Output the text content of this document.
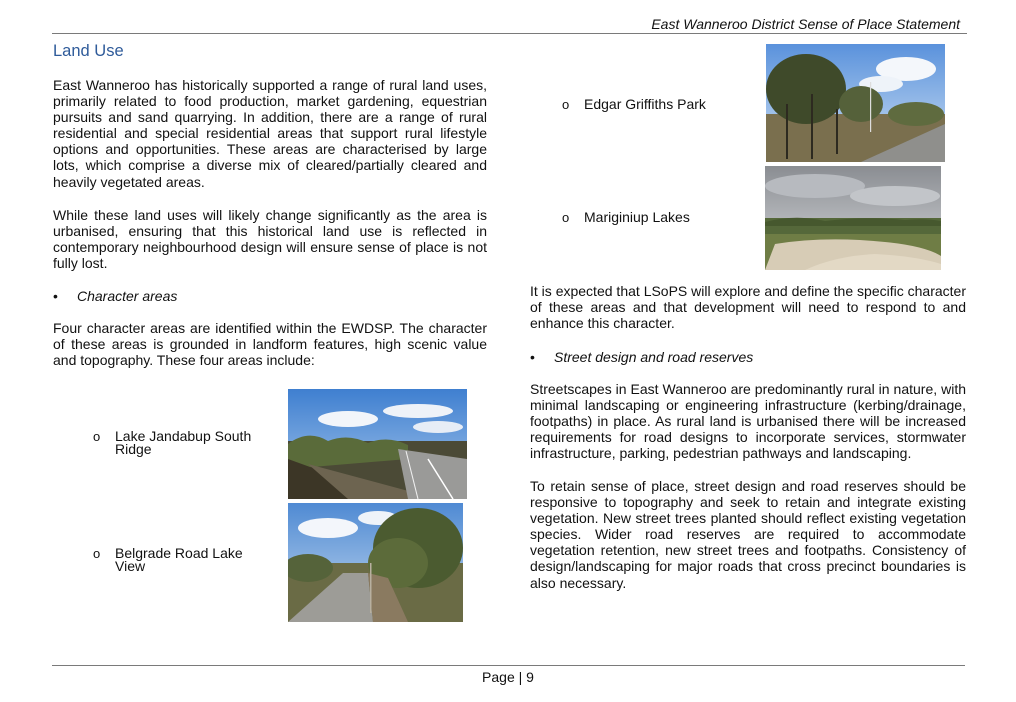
East Wanneroo District Sense of Place Statement
Land Use

East Wanneroo has historically supported a range of rural land uses, primarily related to food production, market gardening, equestrian pursuits and sand quarrying. In addition, there are a range of rural residential and special residential areas that support rural lifestyle options and opportunities. These areas are characterised by large lots, which comprise a diverse mix of cleared/partially cleared and heavily vegetated areas.

While these land uses will likely change significantly as the area is urbanised, ensuring that this historical land use is reflected in contemporary neighbourhood design will ensure sense of place is not fully lost.

• Character areas

Four character areas are identified within the EWDSP. The character of these areas is grounded in landform features, high scenic value and topography. These four areas include:

o Lake Jandabup South Ridge
o Belgrade Road Lake View
o Edgar Griffiths Park
o Mariginiup Lakes

It is expected that LSoPS will explore and define the specific character of these areas and that development will need to respond to and enhance this character.

• Street design and road reserves

Streetscapes in East Wanneroo are predominantly rural in nature, with minimal landscaping or engineering infrastructure (kerbing/drainage, footpaths) in place. As rural land is urbanised there will be increased requirements for road designs to incorporate services, stormwater infrastructure, parking, pedestrian pathways and landscaping.

To retain sense of place, street design and road reserves should be responsive to topography and seek to retain and integrate existing vegetation. New street trees planted should reflect existing vegetation species. Wider road reserves are required to accommodate vegetation retention, new street trees and footpaths. Consistency of design/landscaping for major roads that cross precinct boundaries is also necessary.

Page | 9
